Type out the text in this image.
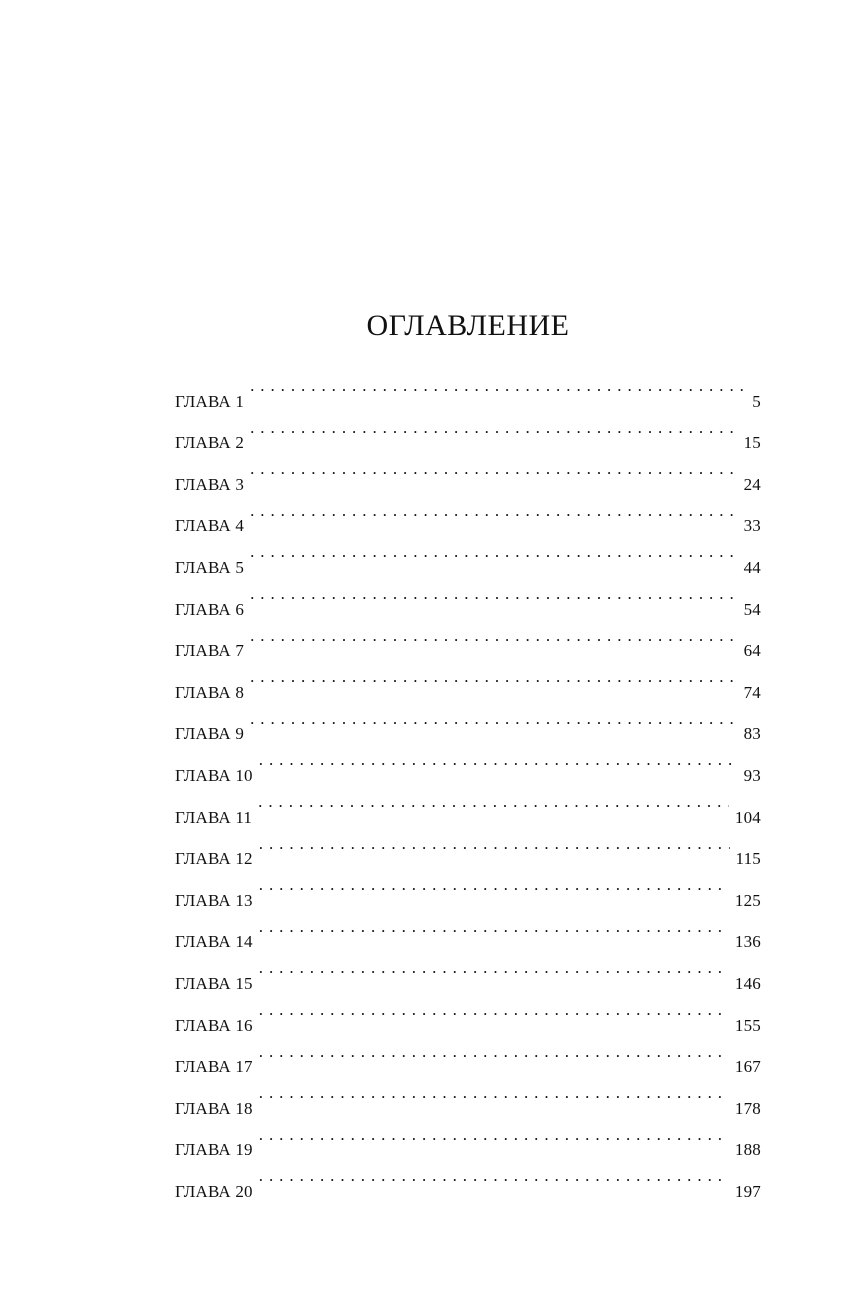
ОГЛАВЛЕНИЕ
ГЛАВА 1 . . .	5
ГЛАВА 2 . . .	15
ГЛАВА 3 . . .	24
ГЛАВА 4 . . .	33
ГЛАВА 5 . . .	44
ГЛАВА 6 . . .	54
ГЛАВА 7 . . .	64
ГЛАВА 8 . . .	74
ГЛАВА 9 . . .	83
ГЛАВА 10 . . .	93
ГЛАВА 11 . . .	104
ГЛАВА 12 . . .	115
ГЛАВА 13 . . .	125
ГЛАВА 14 . . .	136
ГЛАВА 15 . . .	146
ГЛАВА 16 . . .	155
ГЛАВА 17 . . .	167
ГЛАВА 18 . . .	178
ГЛАВА 19 . . .	188
ГЛАВА 20 . . .	197
